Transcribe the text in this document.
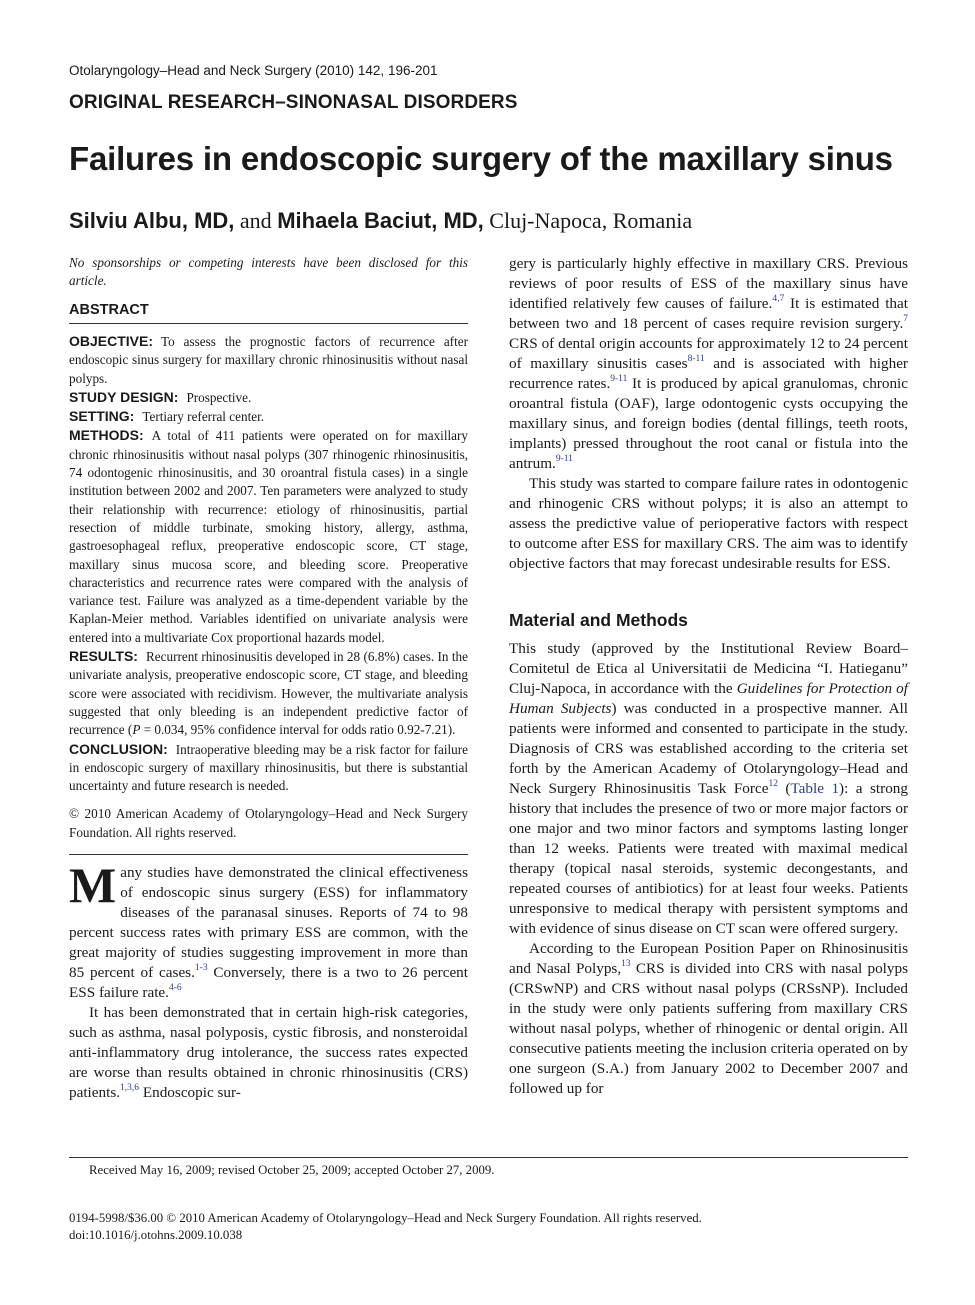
Otolaryngology–Head and Neck Surgery (2010) 142, 196-201
ORIGINAL RESEARCH–SINONASAL DISORDERS
Failures in endoscopic surgery of the maxillary sinus
Silviu Albu, MD, and Mihaela Baciut, MD, Cluj-Napoca, Romania

No sponsorships or competing interests have been disclosed for this article.

ABSTRACT

OBJECTIVE: To assess the prognostic factors of recurrence after endoscopic sinus surgery for maxillary chronic rhinosinusitis without nasal polyps.

STUDY DESIGN: Prospective.

SETTING: Tertiary referral center.

METHODS: A total of 411 patients were operated on for maxillary chronic rhinosinusitis without nasal polyps (307 rhinogenic rhinosinusitis, 74 odontogenic rhinosinusitis, and 30 oroantral fistula cases) in a single institution between 2002 and 2007. Ten parameters were analyzed to study their relationship with recurrence: etiology of rhinosinusitis, partial resection of middle turbinate, smoking history, allergy, asthma, gastroesophageal reflux, preoperative endoscopic score, CT stage, maxillary sinus mucosa score, and bleeding score. Preoperative characteristics and recurrence rates were compared with the analysis of variance test. Failure was analyzed as a time-dependent variable by the Kaplan-Meier method. Variables identified on univariate analysis were entered into a multivariate Cox proportional hazards model.

RESULTS: Recurrent rhinosinusitis developed in 28 (6.8%) cases. In the univariate analysis, preoperative endoscopic score, CT stage, and bleeding score were associated with recidivism. However, the multivariate analysis suggested that only bleeding is an independent predictive factor of recurrence (P = 0.034, 95% confidence interval for odds ratio 0.92-7.21).

CONCLUSION: Intraoperative bleeding may be a risk factor for failure in endoscopic surgery of maxillary rhinosinusitis, but there is substantial uncertainty and future research is needed.

© 2010 American Academy of Otolaryngology–Head and Neck Surgery Foundation. All rights reserved.

Many studies have demonstrated the clinical effectiveness of endoscopic sinus surgery (ESS) for inflammatory diseases of the paranasal sinuses. Reports of 74 to 98 percent success rates with primary ESS are common, with the great majority of studies suggesting improvement in more than 85 percent of cases.$^{1-3}$ Conversely, there is a two to 26 percent ESS failure rate.$^{4-6}$

It has been demonstrated that in certain high-risk categories, such as asthma, nasal polyposis, cystic fibrosis, and nonsteroidal anti-inflammatory drug intolerance, the success rates expected are worse than results obtained in chronic rhinosinusitis (CRS) patients.$^{1,3,6}$ Endoscopic sur-

gery is particularly highly effective in maxillary CRS. Previous reviews of poor results of ESS of the maxillary sinus have identified relatively few causes of failure.$^{4,7}$ It is estimated that between two and 18 percent of cases require revision surgery.$^7$ CRS of dental origin accounts for approximately 12 to 24 percent of maxillary sinusitis cases$^{8-11}$ and is associated with higher recurrence rates.$^{9-11}$ It is produced by apical granulomas, chronic oroantral fistula (OAF), large odontogenic cysts occupying the maxillary sinus, and foreign bodies (dental fillings, teeth roots, implants) pressed throughout the root canal or fistula into the antrum.$^{9-11}$

This study was started to compare failure rates in odontogenic and rhinogenic CRS without polyps; it is also an attempt to assess the predictive value of perioperative factors with respect to outcome after ESS for maxillary CRS. The aim was to identify objective factors that may forecast undesirable results for ESS.

Material and Methods

This study (approved by the Institutional Review Board–Comitetul de Etica al Universitatii de Medicina “I. Hatieganu” Cluj-Napoca, in accordance with the Guidelines for Protection of Human Subjects) was conducted in a prospective manner. All patients were informed and consented to participate in the study. Diagnosis of CRS was established according to the criteria set forth by the American Academy of Otolaryngology–Head and Neck Surgery Rhinosinusitis Task Force$^{12}$ (Table 1): a strong history that includes the presence of two or more major factors or one major and two minor factors and symptoms lasting longer than 12 weeks. Patients were treated with maximal medical therapy (topical nasal steroids, systemic decongestants, and repeated courses of antibiotics) for at least four weeks. Patients unresponsive to medical therapy with persistent symptoms and with evidence of sinus disease on CT scan were offered surgery.

According to the European Position Paper on Rhinosinusitis and Nasal Polyps,$^{13}$ CRS is divided into CRS with nasal polyps (CRSwNP) and CRS without nasal polyps (CRSsNP). Included in the study were only patients suffering from maxillary CRS without nasal polyps, whether of rhinogenic or dental origin. All consecutive patients meeting the inclusion criteria operated on by one surgeon (S.A.) from January 2002 to December 2007 and followed up for

Received May 16, 2009; revised October 25, 2009; accepted October 27, 2009.
0194-5998/$36.00 © 2010 American Academy of Otolaryngology–Head and Neck Surgery Foundation. All rights reserved.
doi:10.1016/j.otohns.2009.10.038
